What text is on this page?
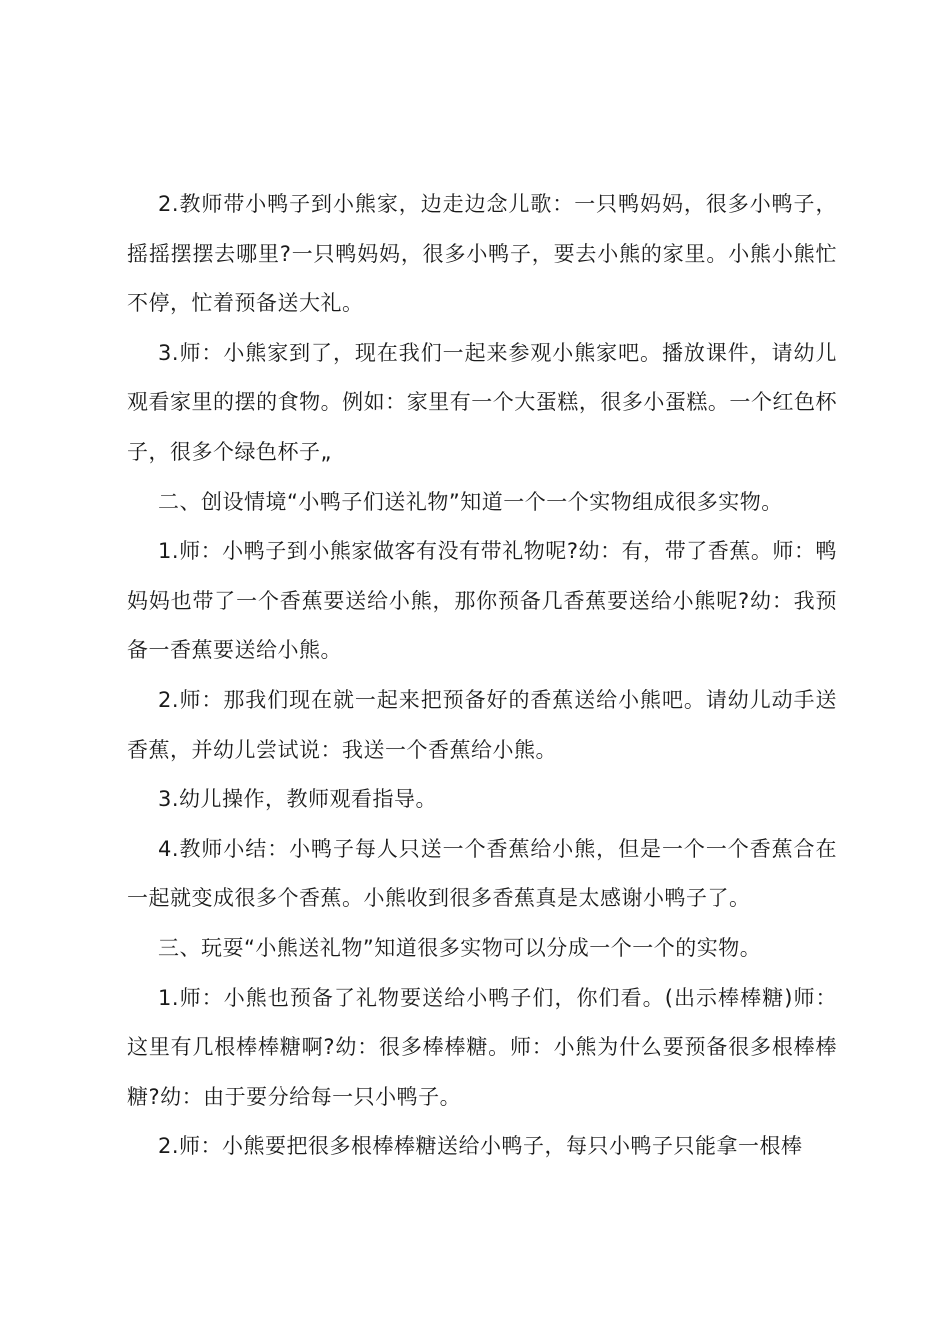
2.教师带小鸭子到小熊家，边走边念儿歌：一只鸭妈妈，很多小鸭子，摇摇摆摆去哪里?一只鸭妈妈，很多小鸭子，要去小熊的家里。小熊小熊忙不停，忙着预备送大礼。

3.师：小熊家到了，现在我们一起来参观小熊家吧。播放课件，请幼儿观看家里的摆的食物。例如：家里有一个大蛋糕，很多小蛋糕。一个红色杯子，很多个绿色杯子„

二、创设情境“小鸭子们送礼物”知道一个一个实物组成很多实物。

1.师：小鸭子到小熊家做客有没有带礼物呢?幼：有，带了香蕉。师：鸭妈妈也带了一个香蕉要送给小熊，那你预备几香蕉要送给小熊呢?幼：我预备一香蕉要送给小熊。

2.师：那我们现在就一起来把预备好的香蕉送给小熊吧。请幼儿动手送香蕉，并幼儿尝试说：我送一个香蕉给小熊。

3.幼儿操作，教师观看指导。

4.教师小结：小鸭子每人只送一个香蕉给小熊，但是一个一个香蕉合在一起就变成很多个香蕉。小熊收到很多香蕉真是太感谢小鸭子了。

三、玩耍“小熊送礼物”知道很多实物可以分成一个一个的实物。

1.师：小熊也预备了礼物要送给小鸭子们，你们看。(出示棒棒糖)师：这里有几根棒棒糖啊?幼：很多棒棒糖。师：小熊为什么要预备很多根棒棒糖?幼：由于要分给每一只小鸭子。

2.师：小熊要把很多根棒棒糖送给小鸭子，每只小鸭子只能拿一根棒
